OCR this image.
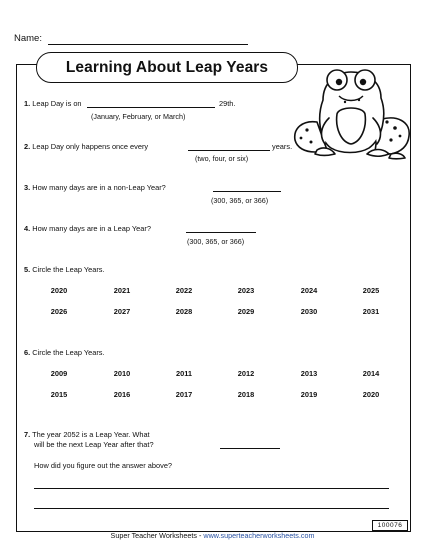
Name:
Learning About Leap Years
1. Leap Day is on	29th.
(January, February, or March)
2. Leap Day only happens once every	years.
(two, four, or six)
3. How many days are in a non-Leap Year?
(300, 365, or 366)
4. How many days are in a Leap Year?
(300, 365, or 366)
5. Circle the Leap Years.
2020	2021	2022	2023	2024	2025
2026	2027	2028	2029	2030	2031
6. Circle the Leap Years.
2009	2010	2011	2012	2013	2014
2015	2016	2017	2018	2019	2020
7. The year 2052 is a Leap Year. What
will be the next Leap Year after that?
How did you figure out the answer above?
100076
Super Teacher Worksheets - www.superteacherworksheets.com
